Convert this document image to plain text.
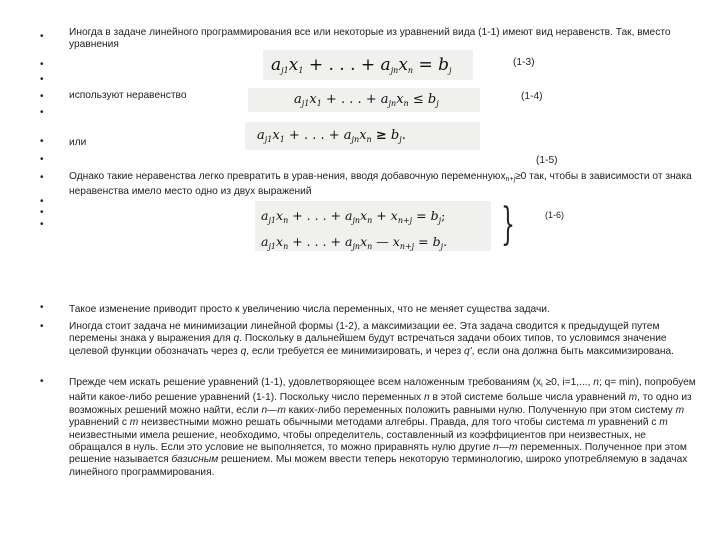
•
•
•
•
•
•
•
•
•
•
•
•
•
•
Иногда в задаче линейного программирования все или некоторые из уравнений вида (1-1) имеют вид неравенств. Так, вместо уравнения
aj1x1 + . . . + ajnxn = bj
(1-3)
используют неравенство	$a_{j1}x_1$ + . . . + $a_{jn}x_n \le b_j$
(1-4)
или	$a_{j1}x_1$ + . . . + $a_{jn}x_n \ge b_j$.
(1-5)
Однако такие неравенства легко превратить в урав-нения, вводя добавочную переменнуюx$_{n+j}$≥0 так, чтобы в зависимости от знака неравенства имело место одно из двух выражений
$a_{j1}x_n$ + . . . + $a_{jn}x_n + x_{n+j} = b_j$;
$a_{j1}x_n$ + . . . + $a_{jn}x_n$ — $x_{n+j} = b_j$.	}	(1-6)
Такое изменение приводит просто к увеличению числа переменных, что не меняет существа задачи.
Иногда стоит задача не минимизации линейной формы (1-2), а максимизации ее. Эта задача сводится к предыдущей путем перемены знака у выражения для q. Поскольку в дальнейшем будут встречаться задачи обоих типов, то условимся значение целевой функции обозначать через q, если требуется ее минимизировать, и через q', если она должна быть максимизирована.
Прежде чем искать решение уравнений (1-1), удовлетворяющее всем наложенным требованиям ($x_i \ge 0$, i=1,..., n; q= min), попробуем найти какое-либо решение уравнений (1-1). Поскольку число переменных n в этой системе больше числа уравнений m, то одно из возможных решений можно найти, если n—m каких-либо переменных положить равными нулю. Полученную при этом систему m уравнений с m неизвестными можно решать обычными методами алгебры. Правда, для того чтобы система m уравнений с m неизвестными имела решение, необходимо, чтобы определитель, составленный из коэффициентов при неизвестных, не обращался в нуль. Если это условие не выполняется, то можно приравнять нулю другие n—m переменных. Полученное при этом решение называется базисным решением. Мы можем ввести теперь некоторую терминологию, широко употребляемую в задачах линейного программирования.
